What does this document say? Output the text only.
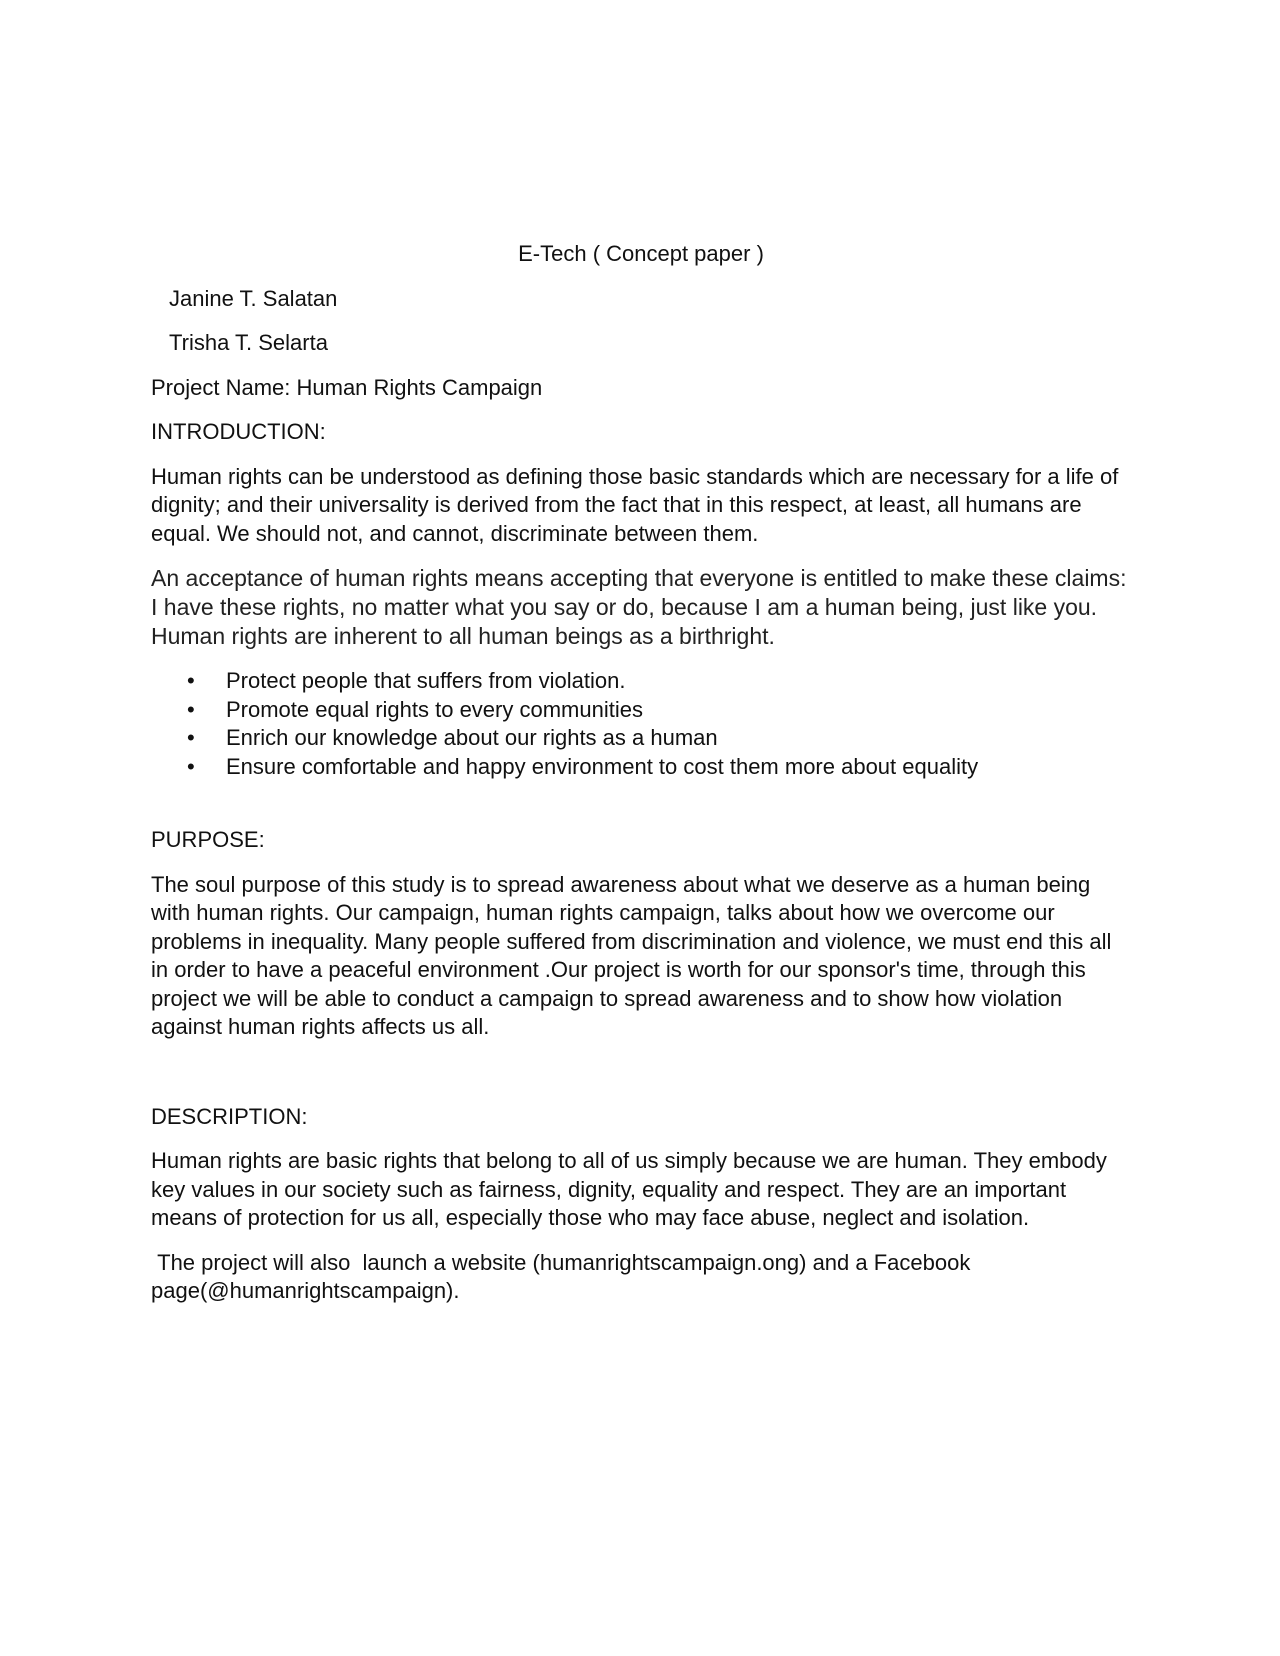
E-Tech ( Concept paper )
Janine T. Salatan
Trisha T. Selarta
Project Name: Human Rights Campaign
INTRODUCTION:
Human rights can be understood as defining those basic standards which are necessary for a life of dignity; and their universality is derived from the fact that in this respect, at least, all humans are equal. We should not, and cannot, discriminate between them.
An acceptance of human rights means accepting that everyone is entitled to make these claims: I have these rights, no matter what you say or do, because I am a human being, just like you. Human rights are inherent to all human beings as a birthright.
• Protect people that suffers from violation.
• Promote equal rights to every communities
• Enrich our knowledge about our rights as a human
• Ensure comfortable and happy environment to cost them more about equality
PURPOSE:
The soul purpose of this study is to spread awareness about what we deserve as a human being with human rights. Our campaign, human rights campaign, talks about how we overcome our problems in inequality. Many people suffered from discrimination and violence, we must end this all in order to have a peaceful environment .Our project is worth for our sponsor's time, through this project we will be able to conduct a campaign to spread awareness and to show how violation against human rights affects us all.
DESCRIPTION:
Human rights are basic rights that belong to all of us simply because we are human. They embody key values in our society such as fairness, dignity, equality and respect. They are an important means of protection for us all, especially those who may face abuse, neglect and isolation.
The project will also  launch a website (humanrightscampaign.ong) and a Facebook page(@humanrightscampaign).
